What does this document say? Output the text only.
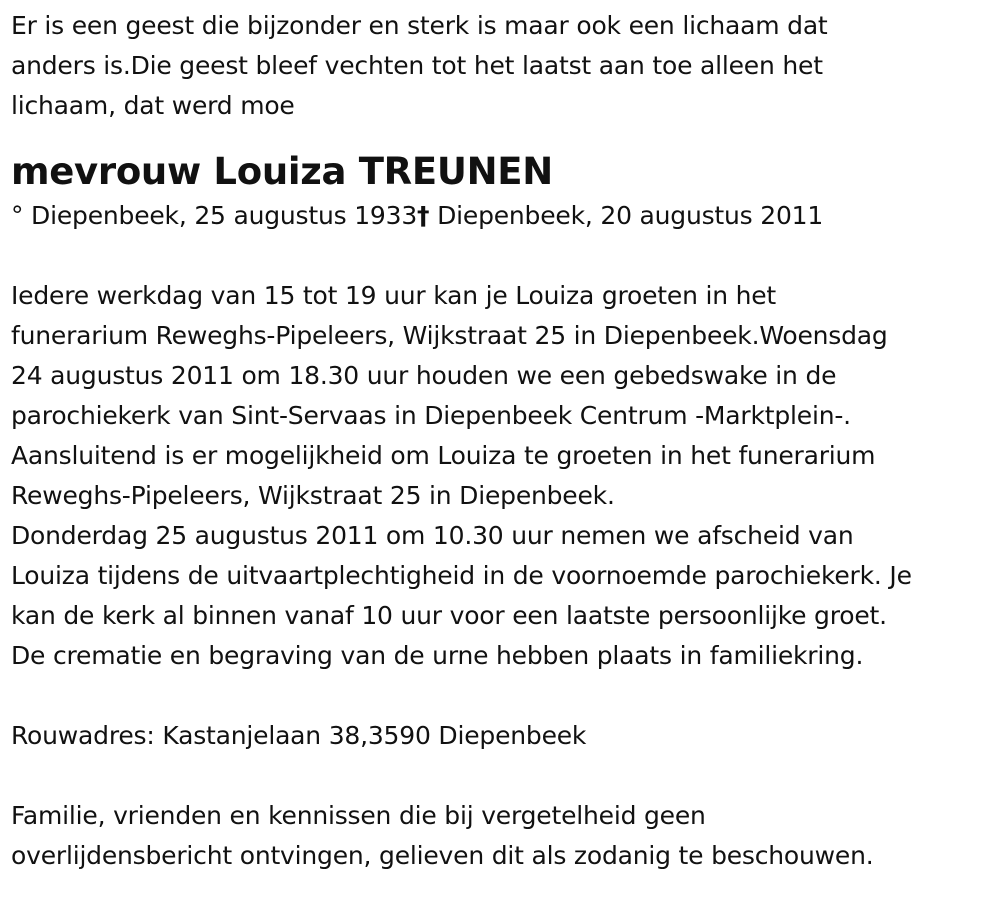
Er is een geest die bijzonder en sterk is maar ook een lichaam dat

anders is.Die geest bleef vechten tot het laatst aan toe alleen het

lichaam, dat werd moe

mevrouw Louiza TREUNEN

° Diepenbeek, 25 augustus 1933† Diepenbeek, 20 augustus 2011

Iedere werkdag van 15 tot 19 uur kan je Louiza groeten in het

funerarium Reweghs-Pipeleers, Wijkstraat 25 in Diepenbeek.Woensdag

24 augustus 2011 om 18.30 uur houden we een gebedswake in de

parochiekerk van Sint-Servaas in Diepenbeek Centrum -Marktplein-.

Aansluitend is er mogelijkheid om Louiza te groeten in het funerarium

Reweghs-Pipeleers, Wijkstraat 25 in Diepenbeek.

Donderdag 25 augustus 2011 om 10.30 uur nemen we afscheid van

Louiza tijdens de uitvaartplechtigheid in de voornoemde parochiekerk. Je

kan de kerk al binnen vanaf 10 uur voor een laatste persoonlijke groet.

De crematie en begraving van de urne hebben plaats in familiekring.

Rouwadres: Kastanjelaan 38,3590 Diepenbeek

Familie, vrienden en kennissen die bij vergetelheid geen

overlijdensbericht ontvingen, gelieven dit als zodanig te beschouwen.
